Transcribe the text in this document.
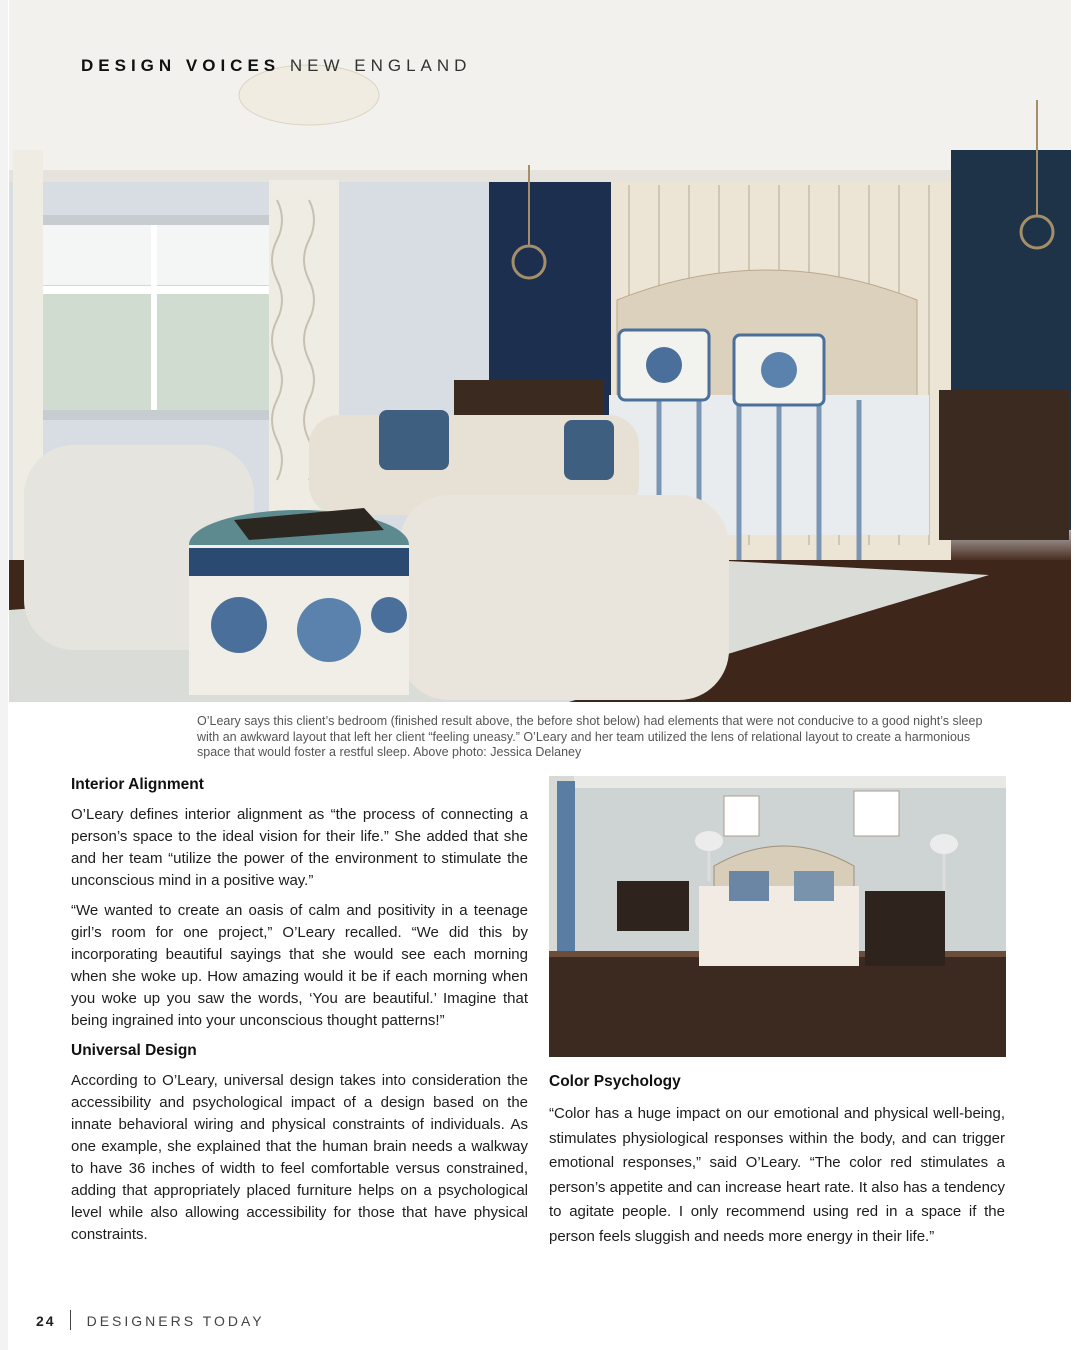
DESIGN VOICES NEW ENGLAND

O’Leary says this client’s bedroom (finished result above, the before shot below) had elements that were not conducive to a good night’s sleep with an awkward layout that left her client “feeling uneasy.” O’Leary and her team utilized the lens of relational layout to create a harmonious space that would foster a restful sleep. Above photo: Jessica Delaney

Interior Alignment

O’Leary defines interior alignment as “the process of connecting a person’s space to the ideal vision for their life.” She added that she and her team “utilize the power of the environment to stimulate the unconscious mind in a positive way.”

“We wanted to create an oasis of calm and positivity in a teenage girl’s room for one project,” O’Leary recalled. “We did this by incorporating beautiful sayings that she would see each morning when she woke up. How amazing would it be if each morning when you woke up you saw the words, ‘You are beautiful.’ Imagine that being ingrained into your unconscious thought patterns!”

Universal Design

According to O’Leary, universal design takes into consideration the accessibility and psychological impact of a design based on the innate behavioral wiring and physical constraints of individuals. As one example, she explained that the human brain needs a walkway to have 36 inches of width to feel comfortable versus constrained, adding that appropriately placed furniture helps on a psychological level while also allowing accessibility for those that have physical constraints.

Color Psychology

“Color has a huge impact on our emotional and physical well-being, stimulates physiological responses within the body, and can trigger emotional responses,” said O’Leary. “The color red stimulates a person’s appetite and can increase heart rate. It also has a tendency to agitate people. I only recommend using red in a space if the person feels sluggish and needs more energy in their life.”

24 DESIGNERS TODAY
